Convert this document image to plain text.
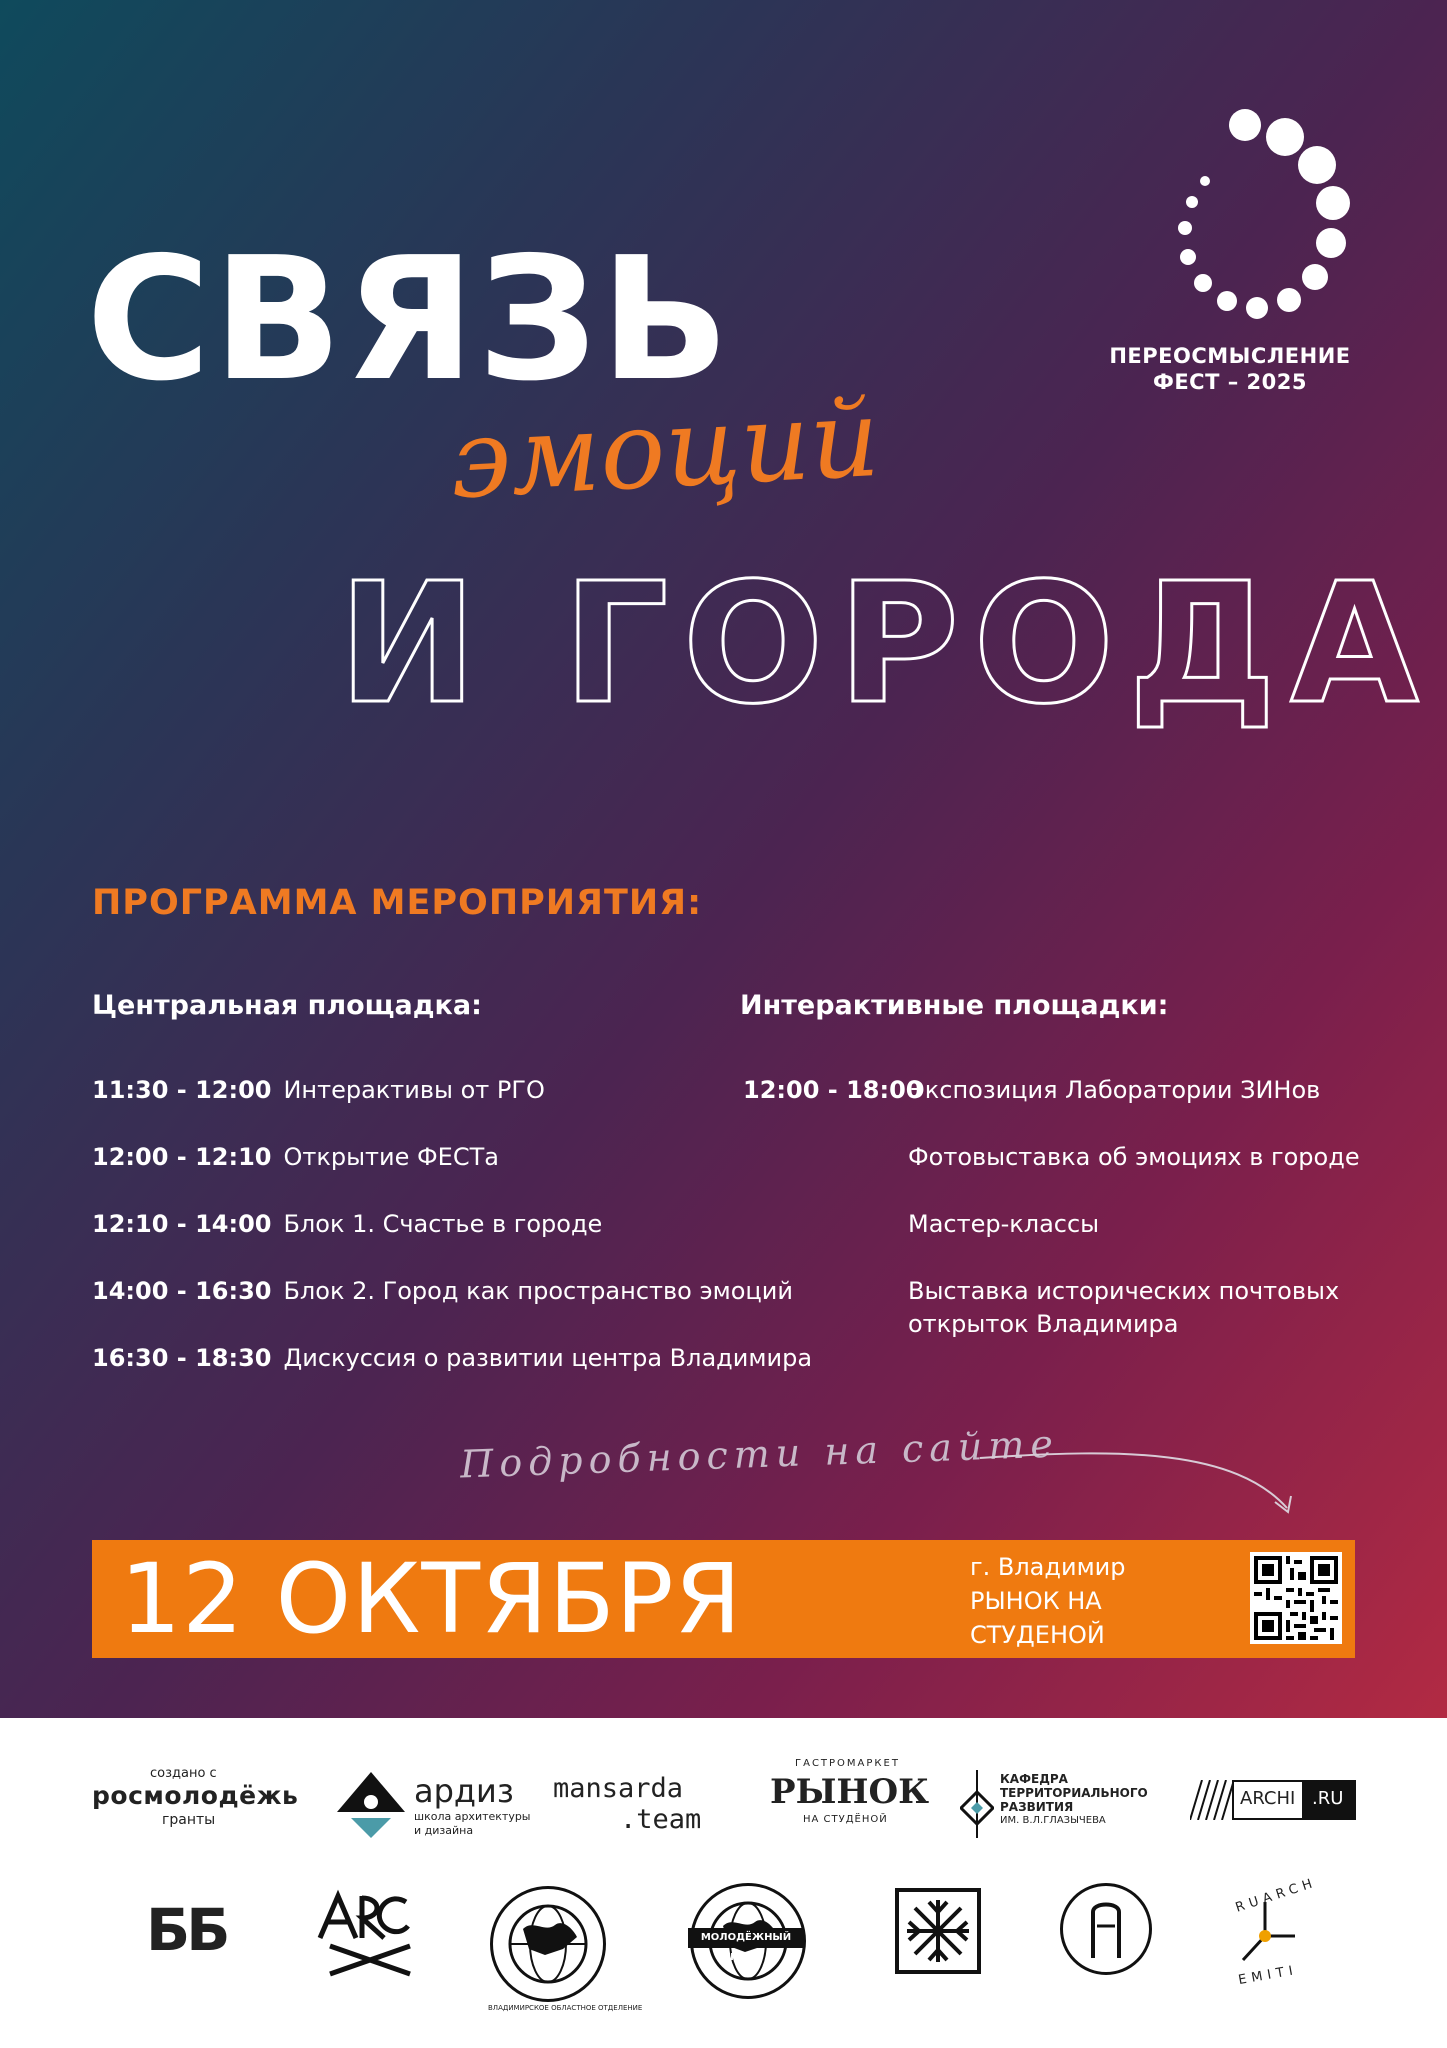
ПЕРЕОСМЫСЛЕНИЕ
ФЕСТ – 2025
СВЯЗЬ
эмоций
И ГОРОДА
ПРОГРАММА МЕРОПРИЯТИЯ:
Центральная площадка:	Интерактивные площадки:
11:30 - 12:00 Интерактивы от РГО
12:00 - 12:10 Открытие ФЕСТа
12:10 - 14:00 Блок 1. Счастье в городе
14:00 - 16:30 Блок 2. Город как пространство эмоций
16:30 - 18:30 Дискуссия о развитии центра Владимира
12:00 - 18:00
Экспозиция Лаборатории ЗИНов
Фотовыставка об эмоциях в городе
Мастер-классы
Выставка исторических почтовых открыток Владимира
Подробности на сайте
12 ОКТЯБРЯ	г. Владимир
РЫНОК НА
СТУДЕНОЙ
создано с
росмолодёжь
гранты
ардиз
школа архитектуры
и дизайна
mansarda
.team
ГАСТРОМАРКЕТ
РЫНОК
НА СТУДЁНОЙ
КАФЕДРА
ТЕРРИТОРИАЛЬНОГО
РАЗВИТИЯ
ИМ. В.Л.ГЛАЗЫЧЕВА
ARCHI .RU
ББ
ВЛАДИМИРСКОЕ ОБЛАСТНОЕ ОТДЕЛЕНИЕ
МОЛОДЁЖНЫЙ КЛУБ
RUARCH
EMITI
